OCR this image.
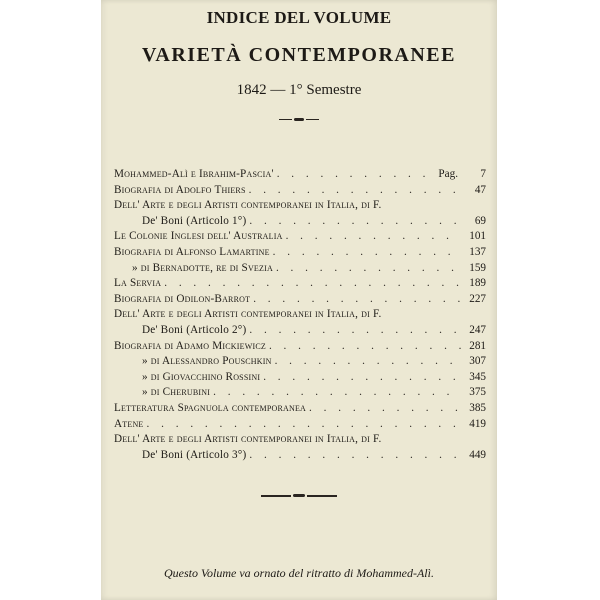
INDICE DEL VOLUME
VARIETÀ CONTEMPORANEE
1842 — 1° Semestre
Mohammed-Alì e Ibrahim-Pascia' . . .	Pag.	7
Biografia di Adolfo Thiers . . .	47
Dell' Arte e degli Artisti contemporanei in Italia, di F.
De' Boni (Articolo 1°) . . .	69
Le Colonie Inglesi dell' Australia . . .	101
Biografia di Alfonso Lamartine . . .	137
» di Bernadotte, re di Svezia . . .	159
La Servia . . .	189
Biografia di Odilon-Barrot . . .	227
Dell' Arte e degli Artisti contemporanei in Italia, di F.
De' Boni (Articolo 2°) . . .	247
Biografia di Adamo Mickiewicz . . .	281
» di Alessandro Pouschkin . . .	307
» di Giovacchino Rossini . . .	345
» di Cherubini . . .	375
Letteratura Spagnuola contemporanea . . .	385
Atene . . .	419
Dell' Arte e degli Artisti contemporanei in Italia, di F.
De' Boni (Articolo 3°) . . .	449
Questo Volume va ornato del ritratto di Mohammed-Alì.
